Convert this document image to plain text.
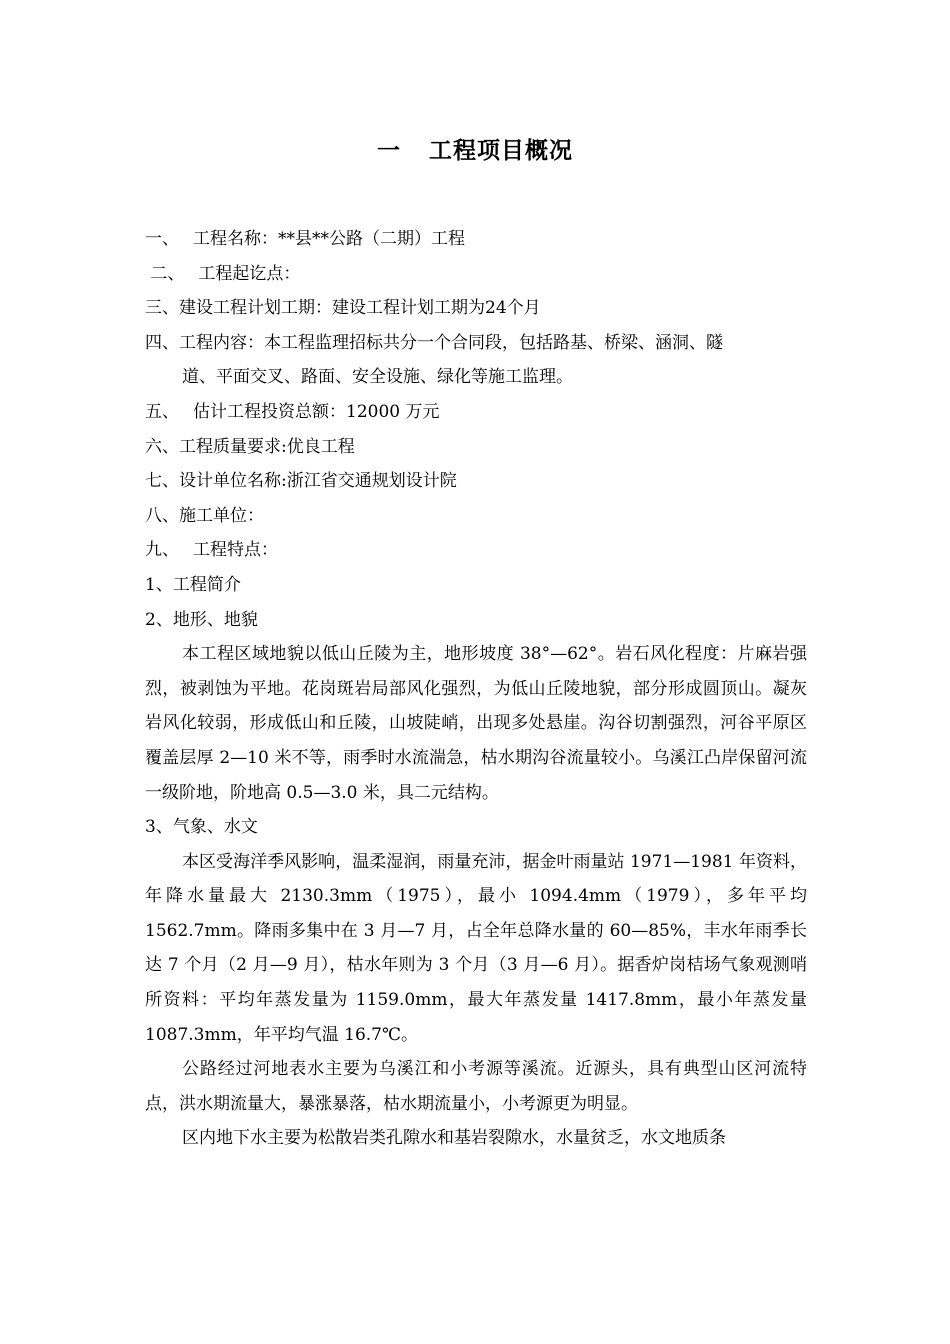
一 工程项目概况
一、 工程名称：**县**公路（二期）工程
二、 工程起讫点：
三、建设工程计划工期：建设工程计划工期为24个月
四、工程内容：本工程监理招标共分一个合同段，包括路基、桥梁、涵洞、隧
道、平面交叉、路面、安全设施、绿化等施工监理。
五、 估计工程投资总额：12000 万元
六、工程质量要求:优良工程
七、设计单位名称:浙江省交通规划设计院
八、施工单位：
九、 工程特点：
1、工程简介
2、地形、地貌
本工程区域地貌以低山丘陵为主，地形坡度 38°—62°。岩石风化程度：片麻岩强烈，被剥蚀为平地。花岗斑岩局部风化强烈，为低山丘陵地貌，部分形成圆顶山。凝灰岩风化较弱，形成低山和丘陵，山坡陡峭，出现多处悬崖。沟谷切割强烈，河谷平原区覆盖层厚 2—10 米不等，雨季时水流湍急，枯水期沟谷流量较小。乌溪江凸岸保留河流一级阶地，阶地高 0.5—3.0 米，具二元结构。
3、气象、水文
本区受海洋季风影响，温柔湿润，雨量充沛，据金叶雨量站 1971—1981 年资料，年降水量最大 2130.3mm（1975），最小 1094.4mm（1979），多年平均 1562.7mm。降雨多集中在 3 月—7 月，占全年总降水量的 60—85%，丰水年雨季长达 7 个月（2 月—9 月），枯水年则为 3 个月（3 月—6 月）。据香炉岗桔场气象观测哨所资料：平均年蒸发量为 1159.0mm，最大年蒸发量 1417.8mm，最小年蒸发量 1087.3mm，年平均气温 16.7℃。
公路经过河地表水主要为乌溪江和小考源等溪流。近源头，具有典型山区河流特点，洪水期流量大，暴涨暴落，枯水期流量小，小考源更为明显。
区内地下水主要为松散岩类孔隙水和基岩裂隙水，水量贫乏，水文地质条
